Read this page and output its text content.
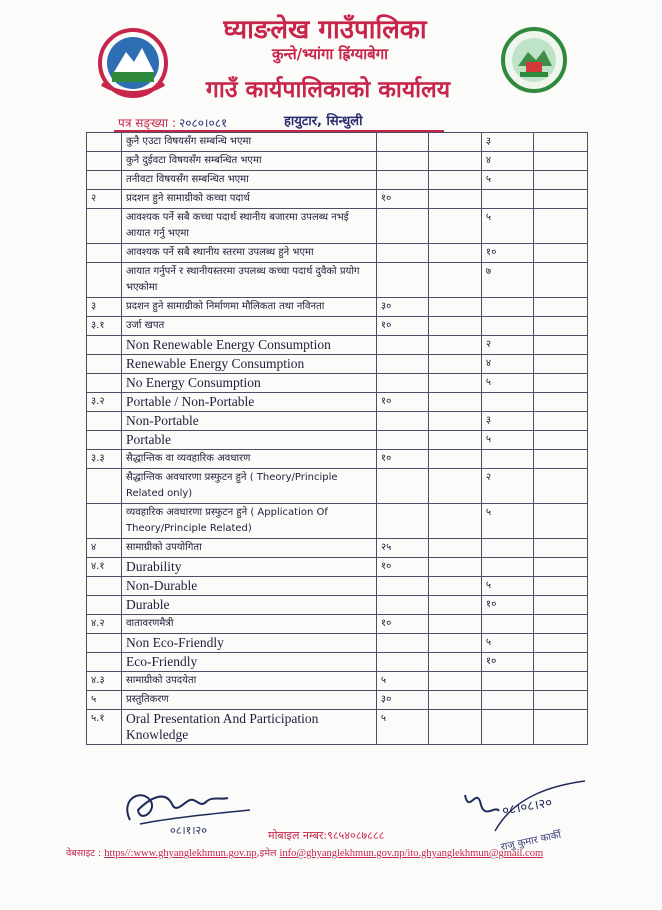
घ्याङलेख गाउँपालिका
कुन्ते/भ्यांगा ह्रिंग्याबेगा
गाउँ कार्यपालिकाको कार्यालय
पत्र सङ्ख्या : २०८०।०८१	हायुटार, सिन्धुली
	कुनै एउटा विषयसँग सम्बन्धि भएमा			३	
	कुनै दुईवटा विषयसँग सम्बन्धित भएमा			४	
	तनीवटा विषयसँग सम्बन्धित भएमा			५	
२	प्रदशन हुने सामाग्रीको कच्चा पदार्थ	१०			
	आवश्यक पर्ने सबै कच्चा पदार्थ स्थानीय बजारमा उपलब्ध नभई आयात गर्नु भएमा			५	
	आवश्यक पर्ने सबै स्थानीय स्तरमा उपलब्ध हुने भएमा			१०	
	आयात गर्नुपर्ने र स्थानीयस्तरमा उपलब्ध कच्चा पदार्थ दुवैको प्रयोग भएकोमा			७	
३	प्रदशन हुने सामाग्रीको निर्माणमा मौलिकता तथा नविनता	३०			
३.१	उर्जा खपत	१०			
	Non Renewable Energy Consumption			२	
	Renewable Energy Consumption			४	
	No Energy Consumption			५	
३.२	Portable / Non-Portable	१०			
	Non-Portable			३	
	Portable			५	
३.३	सैद्धान्तिक वा व्यवहारिक अवधारण	१०			
	सैद्धान्तिक अवधारणा प्रस्फुटन हुने ( Theory/Principle Related only)			२	
	व्यवहारिक अवधारणा प्रस्फुटन हुने ( Application Of Theory/Principle Related)			५	
४	सामाग्रीको उपयोगिता	२५			
४.१	Durability	१०			
	Non-Durable			५	
	Durable			१०	
४.२	वातावरणमैत्री	१०			
	Non Eco-Friendly			५	
	Eco-Friendly			१०	
४.३	सामाग्रीको उपदयेता	५			
५	प्रस्तुतिकरण	३०			
५.१	Oral Presentation And Participation Knowledge	५			
०८।१।२०
०८।०८।२०
राजु कुमार कार्की
मोबाइल नम्बर:९८५४०८७८८८
वेबसाइट : https//:www.ghyanglekhmun.gov.np,इमेल info@ghyanglekhmun.gov.np/ito.ghyanglekhmun@gmail.com
